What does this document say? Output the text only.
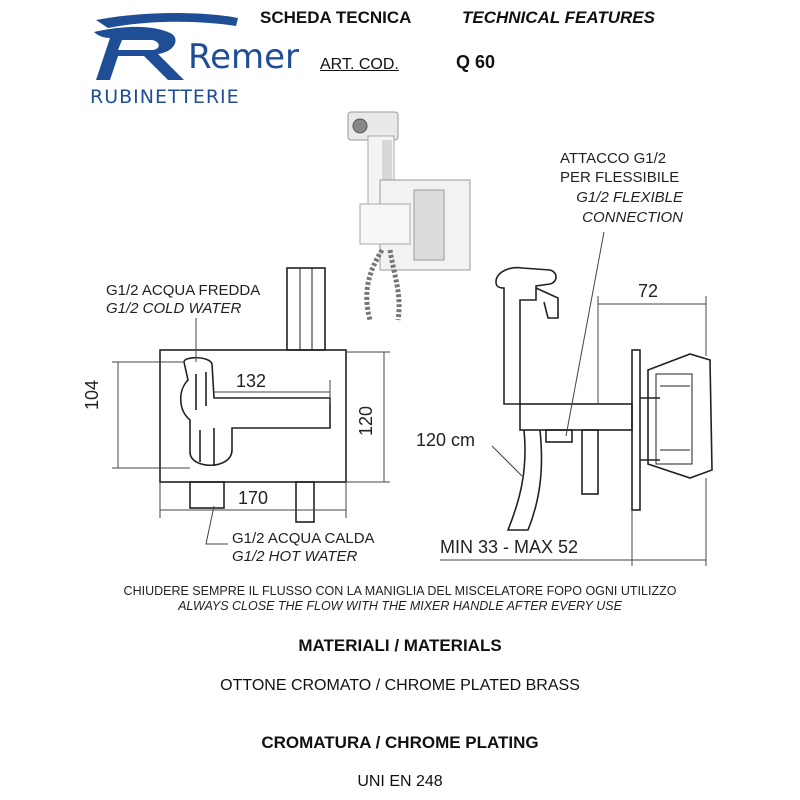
Remer
RUBINETTERIE
SCHEDA TECNICA	TECHNICAL FEATURES
ART. COD.	Q 60
G1/2 ACQUA FREDDA
G1/2 COLD WATER
132
104
120
170
G1/2 ACQUA CALDA
G1/2 HOT WATER
ATTACCO G1/2
PER FLESSIBILE
G1/2 FLEXIBLE
CONNECTION
72
120 cm
MIN 33 - MAX 52
CHIUDERE SEMPRE IL FLUSSO CON LA MANIGLIA DEL MISCELATORE FOPO OGNI UTILIZZO
ALWAYS CLOSE THE FLOW WITH THE MIXER HANDLE AFTER EVERY USE
MATERIALI / MATERIALS
OTTONE CROMATO / CHROME PLATED BRASS
CROMATURA / CHROME PLATING
UNI EN 248
